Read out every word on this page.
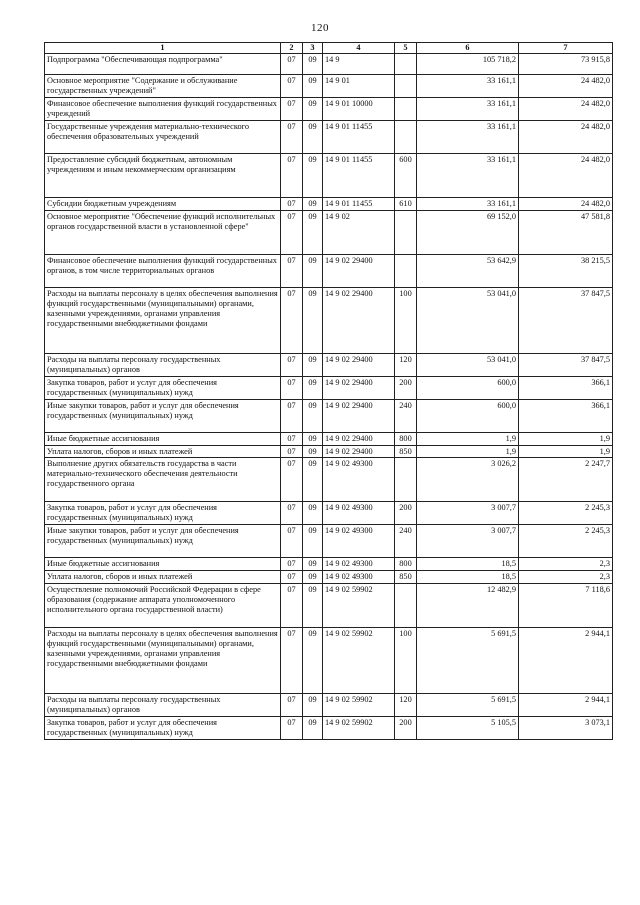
120
1	2	3	4	5	6	7
Подпрограмма "Обеспечивающая подпрограмма"	07	09	14 9		105 718,2	73 915,8
Основное мероприятие "Содержание и обслуживание государственных учреждений"	07	09	14 9 01		33 161,1	24 482,0
Финансовое обеспечение выполнения функций государственных учреждений	07	09	14 9 01 10000		33 161,1	24 482,0
Государственные учреждения материально-технического обеспечения образовательных учреждений	07	09	14 9 01 11455		33 161,1	24 482,0
Предоставление субсидий бюджетным, автономным учреждениям и иным некоммерческим организациям	07	09	14 9 01 11455	600	33 161,1	24 482,0
Субсидии бюджетным учреждениям	07	09	14 9 01 11455	610	33 161,1	24 482,0
Основное мероприятие "Обеспечение функций исполнительных органов государственной власти в установленной сфере"	07	09	14 9 02		69 152,0	47 581,8
Финансовое обеспечение выполнения функций государственных органов, в том числе территориальных органов	07	09	14 9 02 29400		53 642,9	38 215,5
Расходы на выплаты персоналу в целях обеспечения выполнения функций государственными (муниципальными) органами, казенными учреждениями, органами управления государственными внебюджетными фондами	07	09	14 9 02 29400	100	53 041,0	37 847,5
Расходы на выплаты персоналу государственных (муниципальных) органов	07	09	14 9 02 29400	120	53 041,0	37 847,5
Закупка товаров, работ и услуг для обеспечения государственных (муниципальных) нужд	07	09	14 9 02 29400	200	600,0	366,1
Иные закупки товаров, работ и услуг для обеспечения государственных (муниципальных) нужд	07	09	14 9 02 29400	240	600,0	366,1
Иные бюджетные ассигнования	07	09	14 9 02 29400	800	1,9	1,9
Уплата налогов, сборов и иных платежей	07	09	14 9 02 29400	850	1,9	1,9
Выполнение других обязательств государства в части материально-технического обеспечения деятельности государственного органа	07	09	14 9 02 49300		3 026,2	2 247,7
Закупка товаров, работ и услуг для обеспечения государственных (муниципальных) нужд	07	09	14 9 02 49300	200	3 007,7	2 245,3
Иные закупки товаров, работ и услуг для обеспечения государственных (муниципальных) нужд	07	09	14 9 02 49300	240	3 007,7	2 245,3
Иные бюджетные ассигнования	07	09	14 9 02 49300	800	18,5	2,3
Уплата налогов, сборов и иных платежей	07	09	14 9 02 49300	850	18,5	2,3
Осуществление полномочий Российской Федерации в сфере образования (содержание аппарата уполномоченного исполнительного органа государственной власти)	07	09	14 9 02 59902		12 482,9	7 118,6
Расходы на выплаты персоналу в целях обеспечения выполнения функций государственными (муниципальными) органами, казенными учреждениями, органами управления государственными внебюджетными фондами	07	09	14 9 02 59902	100	5 691,5	2 944,1
Расходы на выплаты персоналу государственных (муниципальных) органов	07	09	14 9 02 59902	120	5 691,5	2 944,1
Закупка товаров, работ и услуг для обеспечения государственных (муниципальных) нужд	07	09	14 9 02 59902	200	5 105,5	3 073,1
